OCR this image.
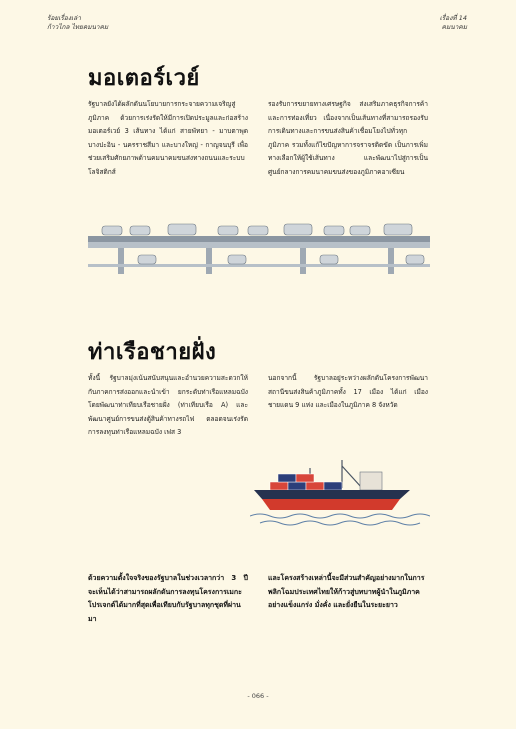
ร้อยเรื่องเล่า
ก้าวไกล ไทยคมนาคม
เรื่องที่ 14
คมนาคม
มอเตอร์เวย์

รัฐบาลยังได้ผลักดันนโยบายการกระจายความเจริญสู่ภูมิภาค ด้วยการเร่งรัดให้มีการเปิดประมูลและก่อสร้างมอเตอร์เวย์ 3 เส้นทาง ได้แก่ สายพัทยา - มาบตาพุด บางปะอิน - นครราชสีมา และบางใหญ่ - กาญจนบุรี เพื่อช่วยเสริมศักยภาพด้านคมนาคมขนส่งทางถนนและระบบโลจิสติกส์

รองรับการขยายทางเศรษฐกิจ ส่งเสริมภาคธุรกิจการค้า และการท่องเที่ยว เนื่องจากเป็นเส้นทางที่สามารถรองรับการเดินทางและการขนส่งสินค้าเชื่อมโยงไปทั่วทุกภูมิภาค รวมทั้งแก้ไขปัญหาการจราจรติดขัด เป็นการเพิ่มทางเลือกให้ผู้ใช้เส้นทาง และพัฒนาไปสู่การเป็นศูนย์กลางการคมนาคมขนส่งของภูมิภาคอาเซียน

ท่าเรือชายฝั่ง

ทั้งนี้ รัฐบาลมุ่งเน้นสนับสนุนและอำนวยความสะดวกให้กับภาคการส่งออกและนำเข้า ยกระดับท่าเรือแหลมฉบัง โดยพัฒนาท่าเทียบเรือชายฝั่ง (ท่าเทียบเรือ A) และพัฒนาศูนย์การขนส่งตู้สินค้าทางรถไฟ ตลอดจนเร่งรัดการลงทุนท่าเรือแหลมฉบัง เฟส 3

นอกจากนี้ รัฐบาลอยู่ระหว่างผลักดันโครงการพัฒนาสถานีขนส่งสินค้าภูมิภาคทั้ง 17 เมือง ได้แก่ เมืองชายแดน 9 แห่ง และเมืองในภูมิภาค 8 จังหวัด

ด้วยความตั้งใจจริงของรัฐบาลในช่วงเวลากว่า 3 ปี จะเห็นได้ว่าสามารถผลักดันการลงทุนโครงการเมกะโปรเจกต์ได้มากที่สุดเพื่อเทียบกับรัฐบาลทุกชุดที่ผ่านมา

และโครงสร้างเหล่านี้จะมีส่วนสำคัญอย่างมากในการพลิกโฉมประเทศไทยให้ก้าวสู่บทบาทผู้นำในภูมิภาคอย่างแข็งแกร่ง มั่งคั่ง และยั่งยืนในระยะยาว

- 066 -
